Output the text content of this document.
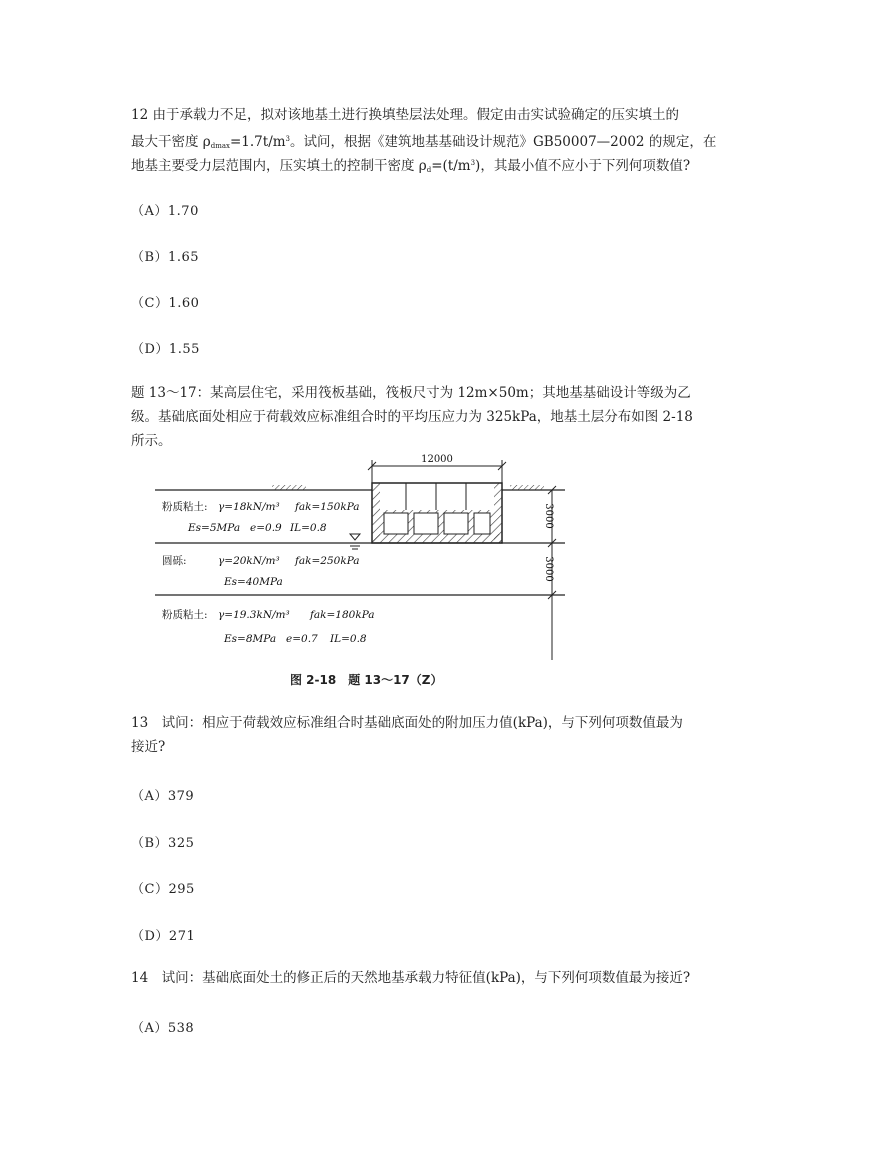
12 由于承载力不足，拟对该地基土进行换填垫层法处理。假定由击实试验确定的压实填土的
最大干密度 $\rho_{dmax}=1.7t/m^3$。试问，根据《建筑地基基础设计规范》GB50007—2002 的规定，在
地基主要受力层范围内，压实填土的控制干密度 $\rho_d=(t/m^3)$，其最小值不应小于下列何项数值?
（A）1.70
（B）1.65
（C）1.60
（D）1.55
题 13～17：某高层住宅，采用筏板基础，筏板尺寸为 12m×50m；其地基基础设计等级为乙
级。基础底面处相应于荷载效应标准组合时的平均压应力为 325kPa，地基土层分布如图 2-18
所示。
12000
3000
3000
粉质粘土: γ=18kN/m³ fak=150kPa
Es=5MPa e=0.9 IL=0.8
圆砾:	γ=20kN/m³ fak=250kPa
Es=40MPa
粉质粘土: γ=19.3kN/m³ fak=180kPa
Es=8MPa e=0.7 IL=0.8
图 2-18　题 13～17（Z）
13　试问：相应于荷载效应标准组合时基础底面处的附加压力值(kPa)，与下列何项数值最为
接近?
（A）379
（B）325
（C）295
（D）271
14　试问：基础底面处土的修正后的天然地基承载力特征值(kPa)，与下列何项数值最为接近?
（A）538
